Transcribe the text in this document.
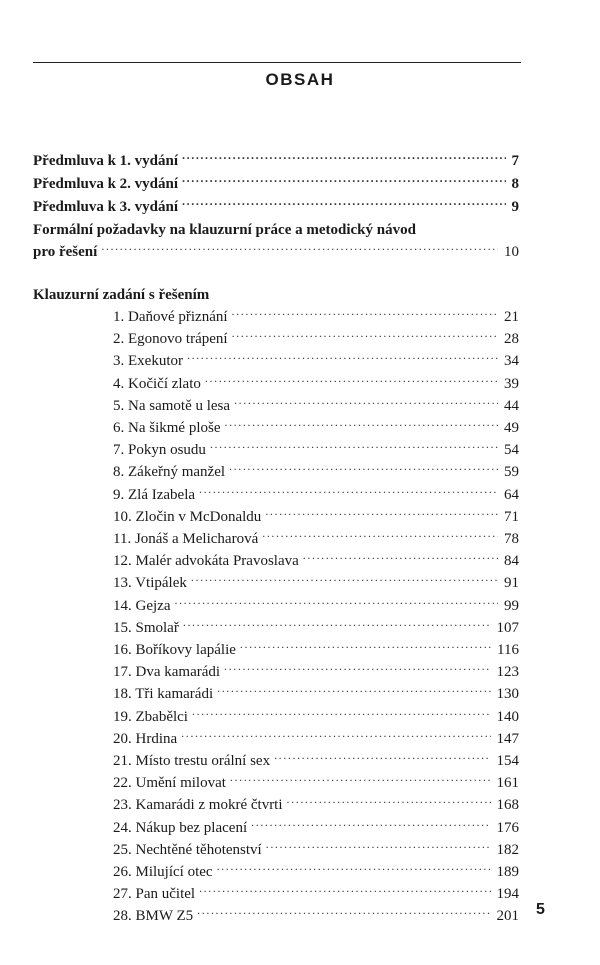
OBSAH
Předmluva k 1. vydání .....	7
Předmluva k 2. vydání .....	8
Předmluva k 3. vydání .....	9
Formální požadavky na klauzurní práce a metodický návod
pro řešení .....	10
Klauzurní zadání s řešením
1. Daňové přiznání .....	21
2. Egonovo trápení .....	28
3. Exekutor .....	34
4. Kočičí zlato .....	39
5. Na samotě u lesa .....	44
6. Na šikmé ploše .....	49
7. Pokyn osudu .....	54
8. Zákeřný manžel .....	59
9. Zlá Izabela .....	64
10. Zločin v McDonaldu .....	71
11. Jonáš a Melicharová .....	78
12. Malér advokáta Pravoslava .....	84
13. Vtipálek .....	91
14. Gejza .....	99
15. Smolař .....	107
16. Boříkovy lapálie .....	116
17. Dva kamarádi .....	123
18. Tři kamarádi .....	130
19. Zbabělci .....	140
20. Hrdina .....	147
21. Místo trestu orální sex .....	154
22. Umění milovat .....	161
23. Kamarádi z mokré čtvrti .....	168
24. Nákup bez placení .....	176
25. Nechtěné těhotenství .....	182
26. Milující otec .....	189
27. Pan učitel .....	194
28. BMW Z5 .....	201 5
